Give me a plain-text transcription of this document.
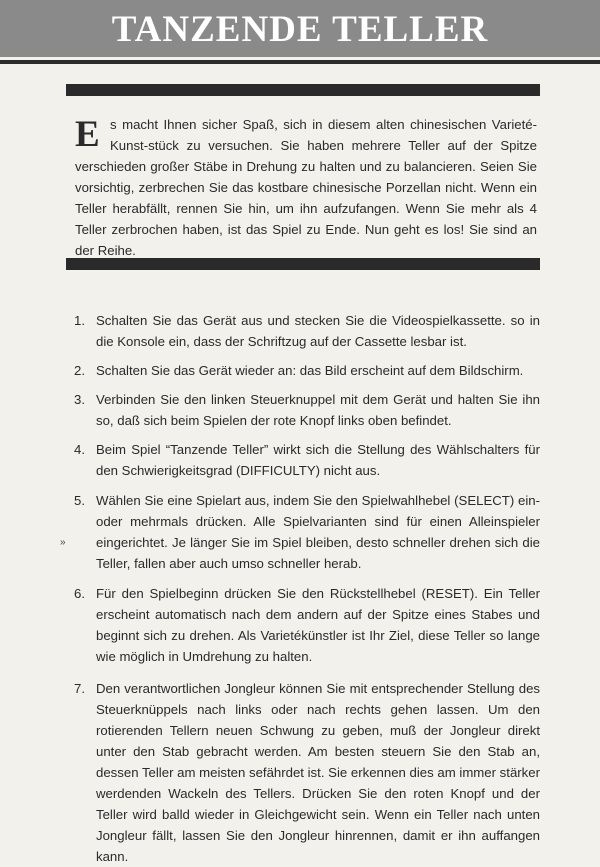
TANZENDE TELLER
Es macht Ihnen sicher Spaß, sich in diesem alten chinesischen Varieté-Kunst-stück zu versuchen. Sie haben mehrere Teller auf der Spitze verschieden großer Stäbe in Drehung zu halten und zu balancieren. Seien Sie vorsichtig, zerbrechen Sie das kostbare chinesische Porzellan nicht. Wenn ein Teller herabfällt, rennen Sie hin, um ihn aufzufangen. Wenn Sie mehr als 4 Teller zerbrochen haben, ist das Spiel zu Ende. Nun geht es los! Sie sind an der Reihe.
1. Schalten Sie das Gerät aus und stecken Sie die Videospielkassette. so in die Konsole ein, dass der Schriftzug auf der Cassette lesbar ist.
2. Schalten Sie das Gerät wieder an: das Bild erscheint auf dem Bildschirm.
3. Verbinden Sie den linken Steuerknuppel mit dem Gerät und halten Sie ihn so, daß sich beim Spielen der rote Knopf links oben befindet.
4. Beim Spiel “Tanzende Teller” wirkt sich die Stellung des Wählschalters für den Schwierigkeitsgrad (DIFFICULTY) nicht aus.
5.
»
Wählen Sie eine Spielart aus, indem Sie den Spielwahlhebel (SELECT) ein- oder mehrmals drücken. Alle Spielvarianten sind für einen Alleinspieler eingerichtet. Je länger Sie im Spiel bleiben, desto schneller drehen sich die Teller, fallen aber auch umso schneller herab.
6. Für den Spielbeginn drücken Sie den Rückstellhebel (RESET). Ein Teller erscheint automatisch nach dem andern auf der Spitze eines Stabes und beginnt sich zu drehen. Als Varietékünstler ist Ihr Ziel, diese Teller so lange wie möglich in Umdrehung zu halten.
7. Den verantwortlichen Jongleur können Sie mit entsprechender Stellung des Steuerknüppels nach links oder nach rechts gehen lassen. Um den rotierenden Tellern neuen Schwung zu geben, muß der Jongleur direkt unter den Stab gebracht werden. Am besten steuern Sie den Stab an, dessen Teller am meisten sefährdet ist. Sie erkennen dies am immer stärker werdenden Wackeln des Tellers. Drücken Sie den roten Knopf und der Teller wird balld wieder in Gleichgewicht sein. Wenn ein Teller nach unten Jongleur fällt, lassen Sie den Jongleur hinrennen, damit er ihn auffangen kann.
